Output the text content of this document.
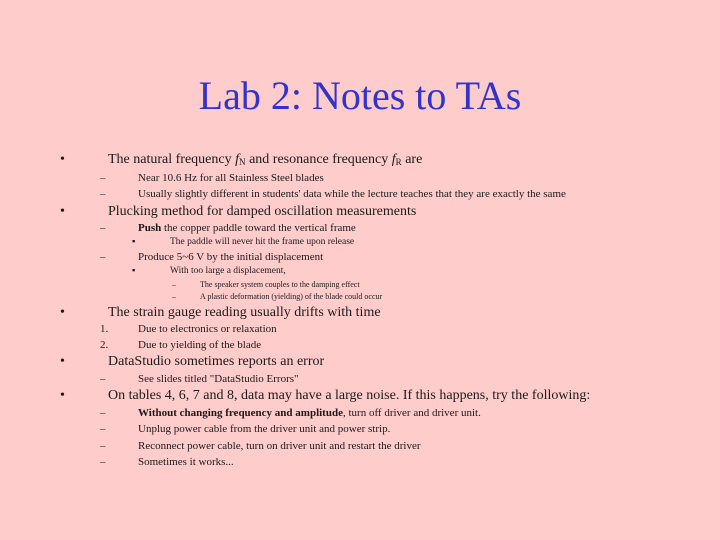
Lab 2: Notes to TAs
•	The natural frequency $f_N$ and resonance frequency $f_R$ are
–	Near 10.6 Hz for all Stainless Steel blades
–	Usually slightly different in students' data while the lecture teaches that they are exactly the same
•	Plucking method for damped oscillation measurements
–	Push the copper paddle toward the vertical frame
▪	The paddle will never hit the frame upon release
–	Produce 5~6 V by the initial displacement
▪	With too large a displacement,
–	The speaker system couples to the damping effect
–	A plastic deformation (yielding) of the blade could occur
•	The strain gauge reading usually drifts with time
1.	Due to electronics or relaxation
2.	Due to yielding of the blade
•	DataStudio sometimes reports an error
–	See slides titled "DataStudio Errors"
•	On tables 4, 6, 7 and 8, data may have a large noise. If this happens, try the following:
–	Without changing frequency and amplitude, turn off driver and driver unit.
–	Unplug power cable from the driver unit and power strip.
–	Reconnect power cable, turn on driver unit and restart the driver
–	Sometimes it works...
